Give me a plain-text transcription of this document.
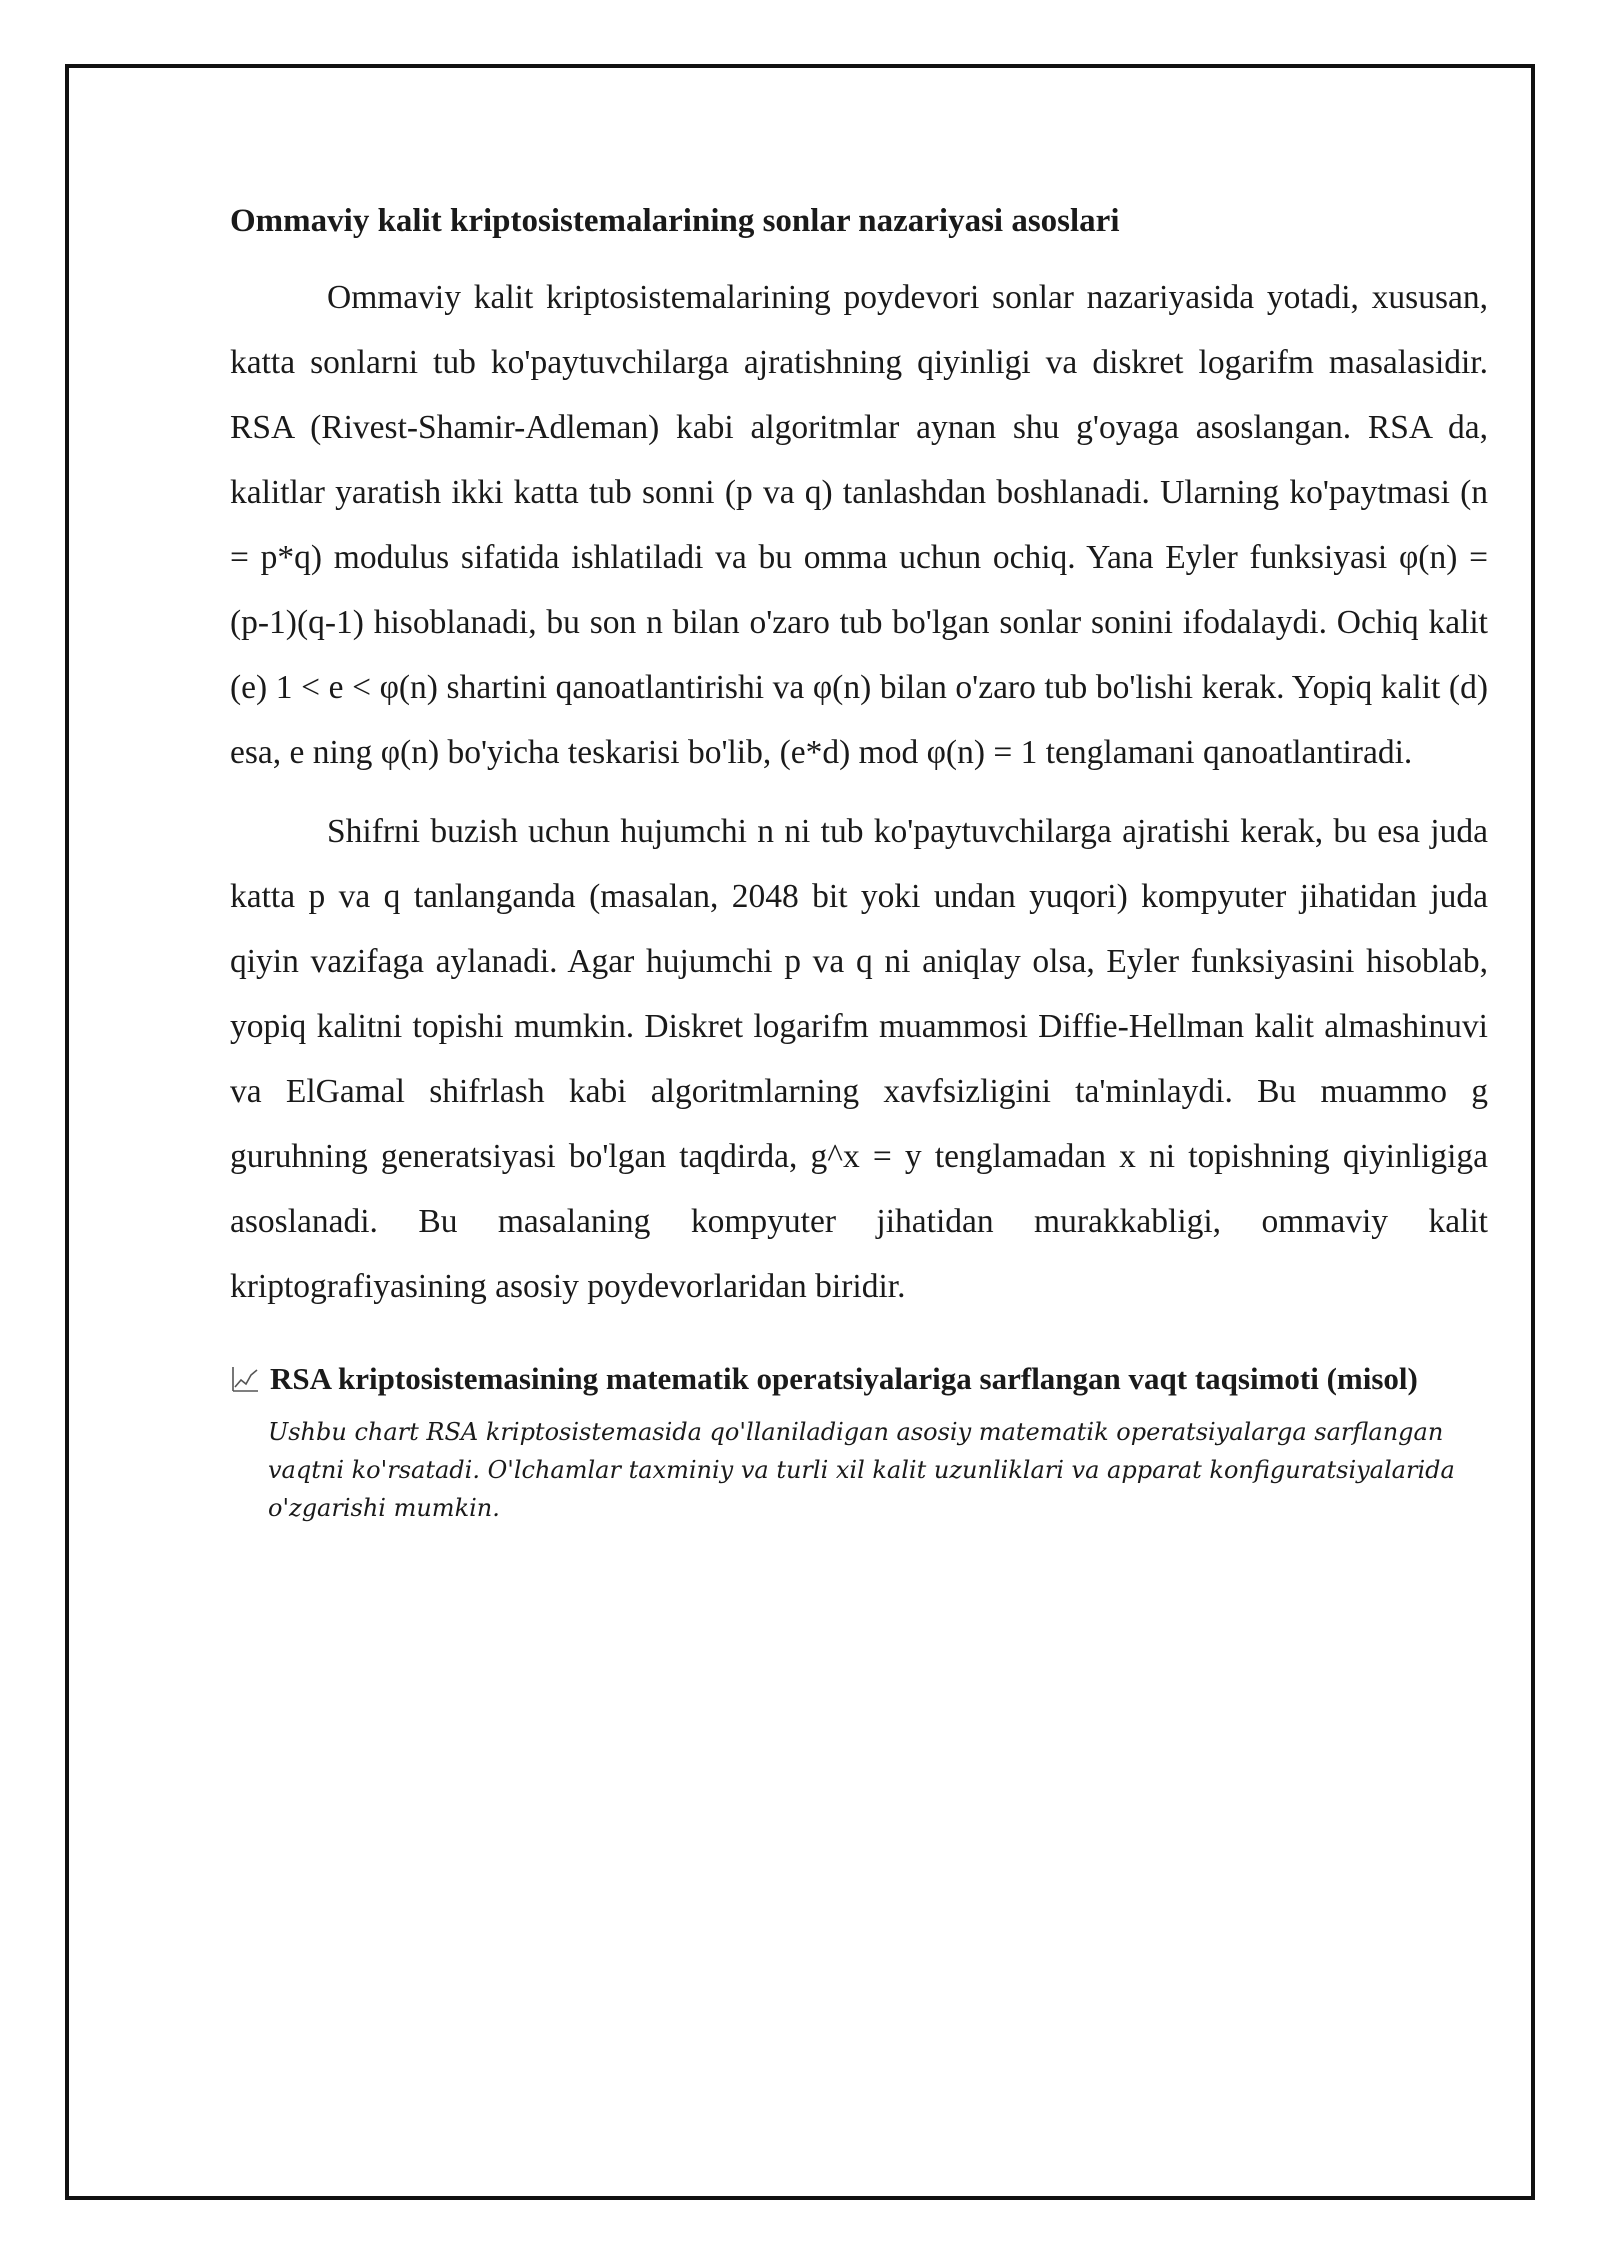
Ommaviy kalit kriptosistemalarining sonlar nazariyasi asoslari

Ommaviy kalit kriptosistemalarining poydevori sonlar nazariyasida yotadi, xususan, katta sonlarni tub ko'paytuvchilarga ajratishning qiyinligi va diskret logarifm masalasidir. RSA (Rivest-Shamir-Adleman) kabi algoritmlar aynan shu g'oyaga asoslangan. RSA da, kalitlar yaratish ikki katta tub sonni (p va q) tanlashdan boshlanadi. Ularning ko'paytmasi (n = p*q) modulus sifatida ishlatiladi va bu omma uchun ochiq. Yana Eyler funksiyasi φ(n) = (p-1)(q-1) hisoblanadi, bu son n bilan o'zaro tub bo'lgan sonlar sonini ifodalaydi. Ochiq kalit (e) 1 < e < φ(n) shartini qanoatlantirishi va φ(n) bilan o'zaro tub bo'lishi kerak. Yopiq kalit (d) esa, e ning φ(n) bo'yicha teskarisi bo'lib, (e*d) mod φ(n) = 1 tenglamani qanoatlantiradi.

Shifrni buzish uchun hujumchi n ni tub ko'paytuvchilarga ajratishi kerak, bu esa juda katta p va q tanlanganda (masalan, 2048 bit yoki undan yuqori) kompyuter jihatidan juda qiyin vazifaga aylanadi. Agar hujumchi p va q ni aniqlay olsa, Eyler funksiyasini hisoblab, yopiq kalitni topishi mumkin. Diskret logarifm muammosi Diffie-Hellman kalit almashinuvi va ElGamal shifrlash kabi algoritmlarning xavfsizligini ta'minlaydi. Bu muammo g guruhning generatsiyasi bo'lgan taqdirda, g^x = y tenglamadan x ni topishning qiyinligiga asoslanadi. Bu masalaning kompyuter jihatidan murakkabligi, ommaviy kalit kriptografiyasining asosiy poydevorlaridan biridir.

RSA kriptosistemasining matematik operatsiyalariga sarflangan vaqt taqsimoti (misol)
Ushbu chart RSA kriptosistemasida qo'llaniladigan asosiy matematik operatsiyalarga sarflangan vaqtni ko'rsatadi. O'lchamlar taxminiy va turli xil kalit uzunliklari va apparat konfiguratsiyalarida o'zgarishi mumkin.
